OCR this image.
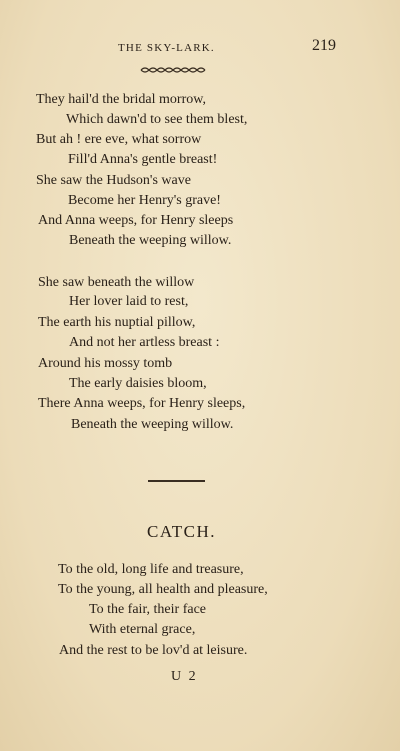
THE SKY-LARK.	219
They hail'd the bridal morrow,
Which dawn'd to see them blest,
But ah ! ere eve, what sorrow
Fill'd Anna's gentle breast!
She saw the Hudson's wave
Become her Henry's grave!
And Anna weeps, for Henry sleeps
Beneath the weeping willow.
She saw beneath the willow
Her lover laid to rest,
The earth his nuptial pillow,
And not her artless breast :
Around his mossy tomb
The early daisies bloom,
There Anna weeps, for Henry sleeps,
Beneath the weeping willow.
CATCH.
To the old, long life and treasure,
To the young, all health and pleasure,
To the fair, their face
With eternal grace,
And the rest to be lov'd at leisure.
U 2
